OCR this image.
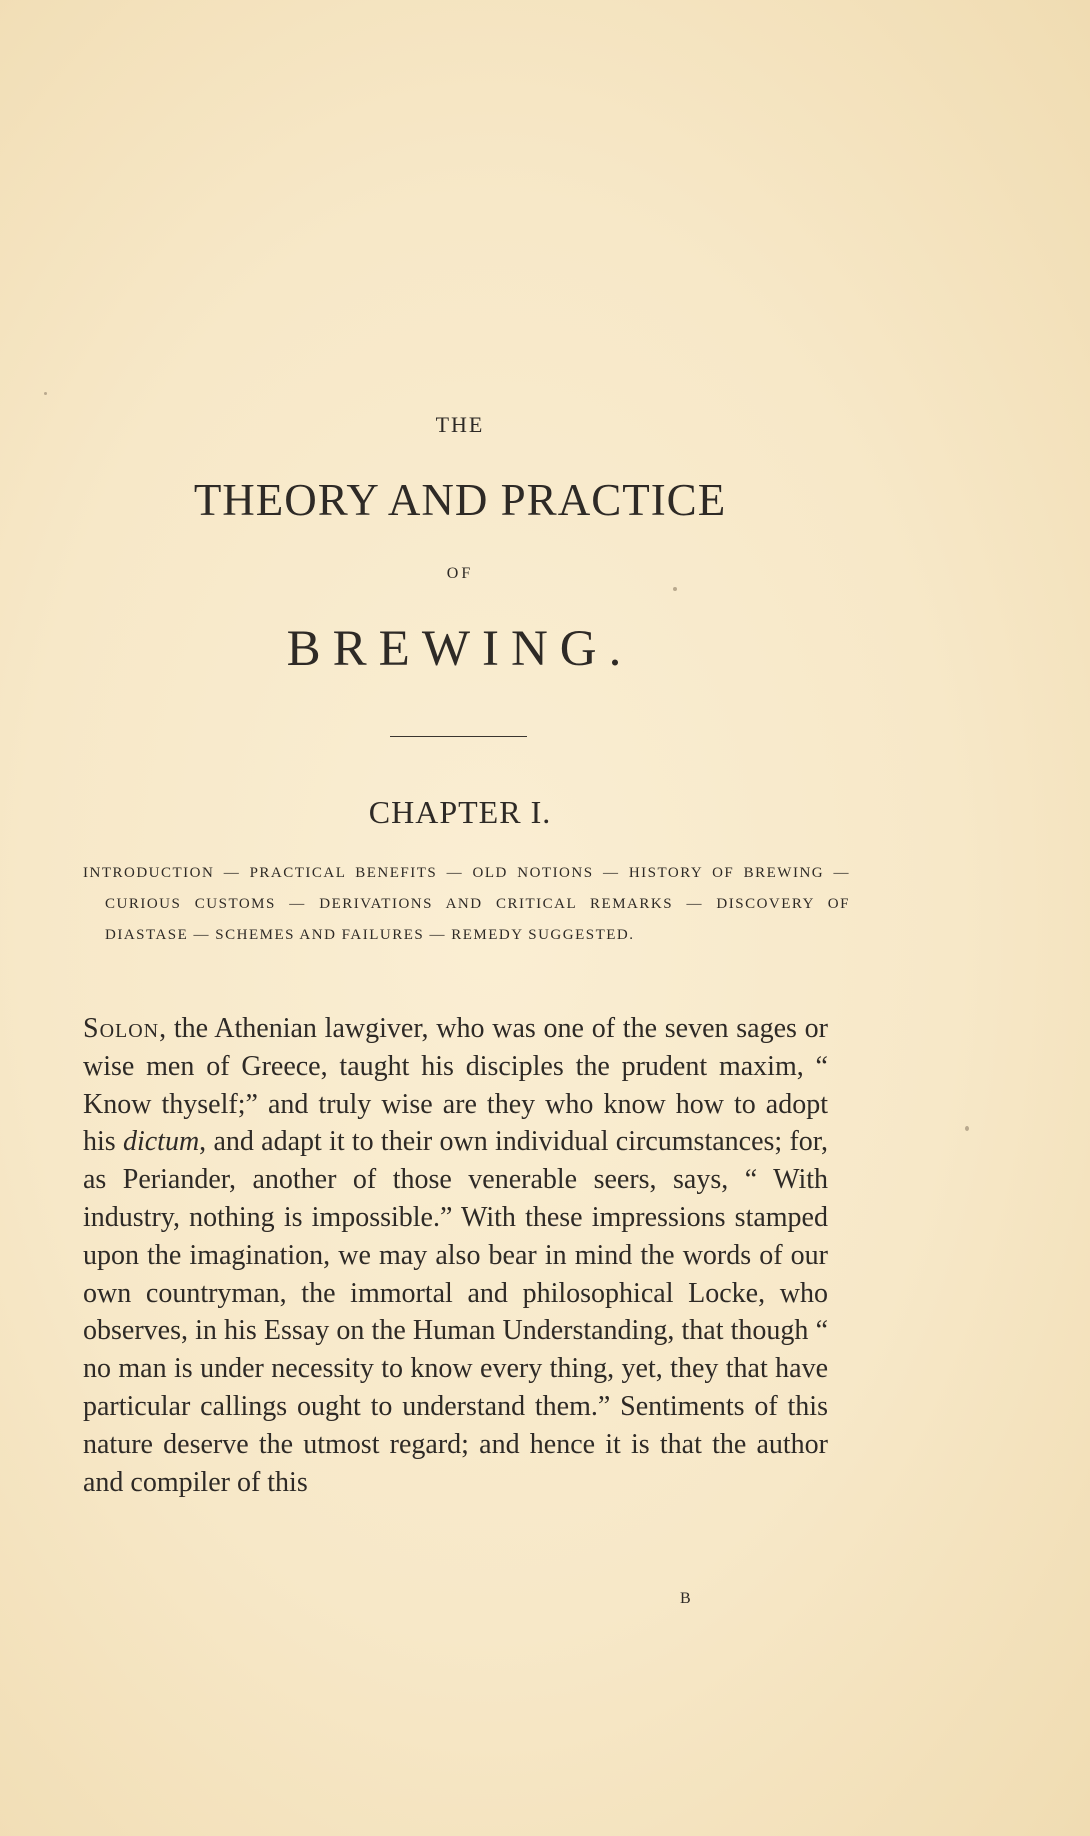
THE
THEORY AND PRACTICE
OF
BREWING.
CHAPTER I.
INTRODUCTION — PRACTICAL BENEFITS — OLD NOTIONS — HISTORY OF BREWING — CURIOUS CUSTOMS — DERIVATIONS AND CRITICAL REMARKS — DISCOVERY OF DIASTASE — SCHEMES AND FAILURES — REMEDY SUGGESTED.
Solon, the Athenian lawgiver, who was one of the seven sages or wise men of Greece, taught his disciples the prudent maxim, “ Know thyself;” and truly wise are they who know how to adopt his dictum, and adapt it to their own individual circumstances; for, as Periander, another of those venerable seers, says, “ With industry, nothing is impossible.” With these impressions stamped upon the imagination, we may also bear in mind the words of our own countryman, the immortal and philosophical Locke, who observes, in his Essay on the Human Understanding, that though “ no man is under necessity to know every thing, yet, they that have particular callings ought to understand them.” Sentiments of this nature deserve the utmost regard; and hence it is that the author and compiler of this
B
